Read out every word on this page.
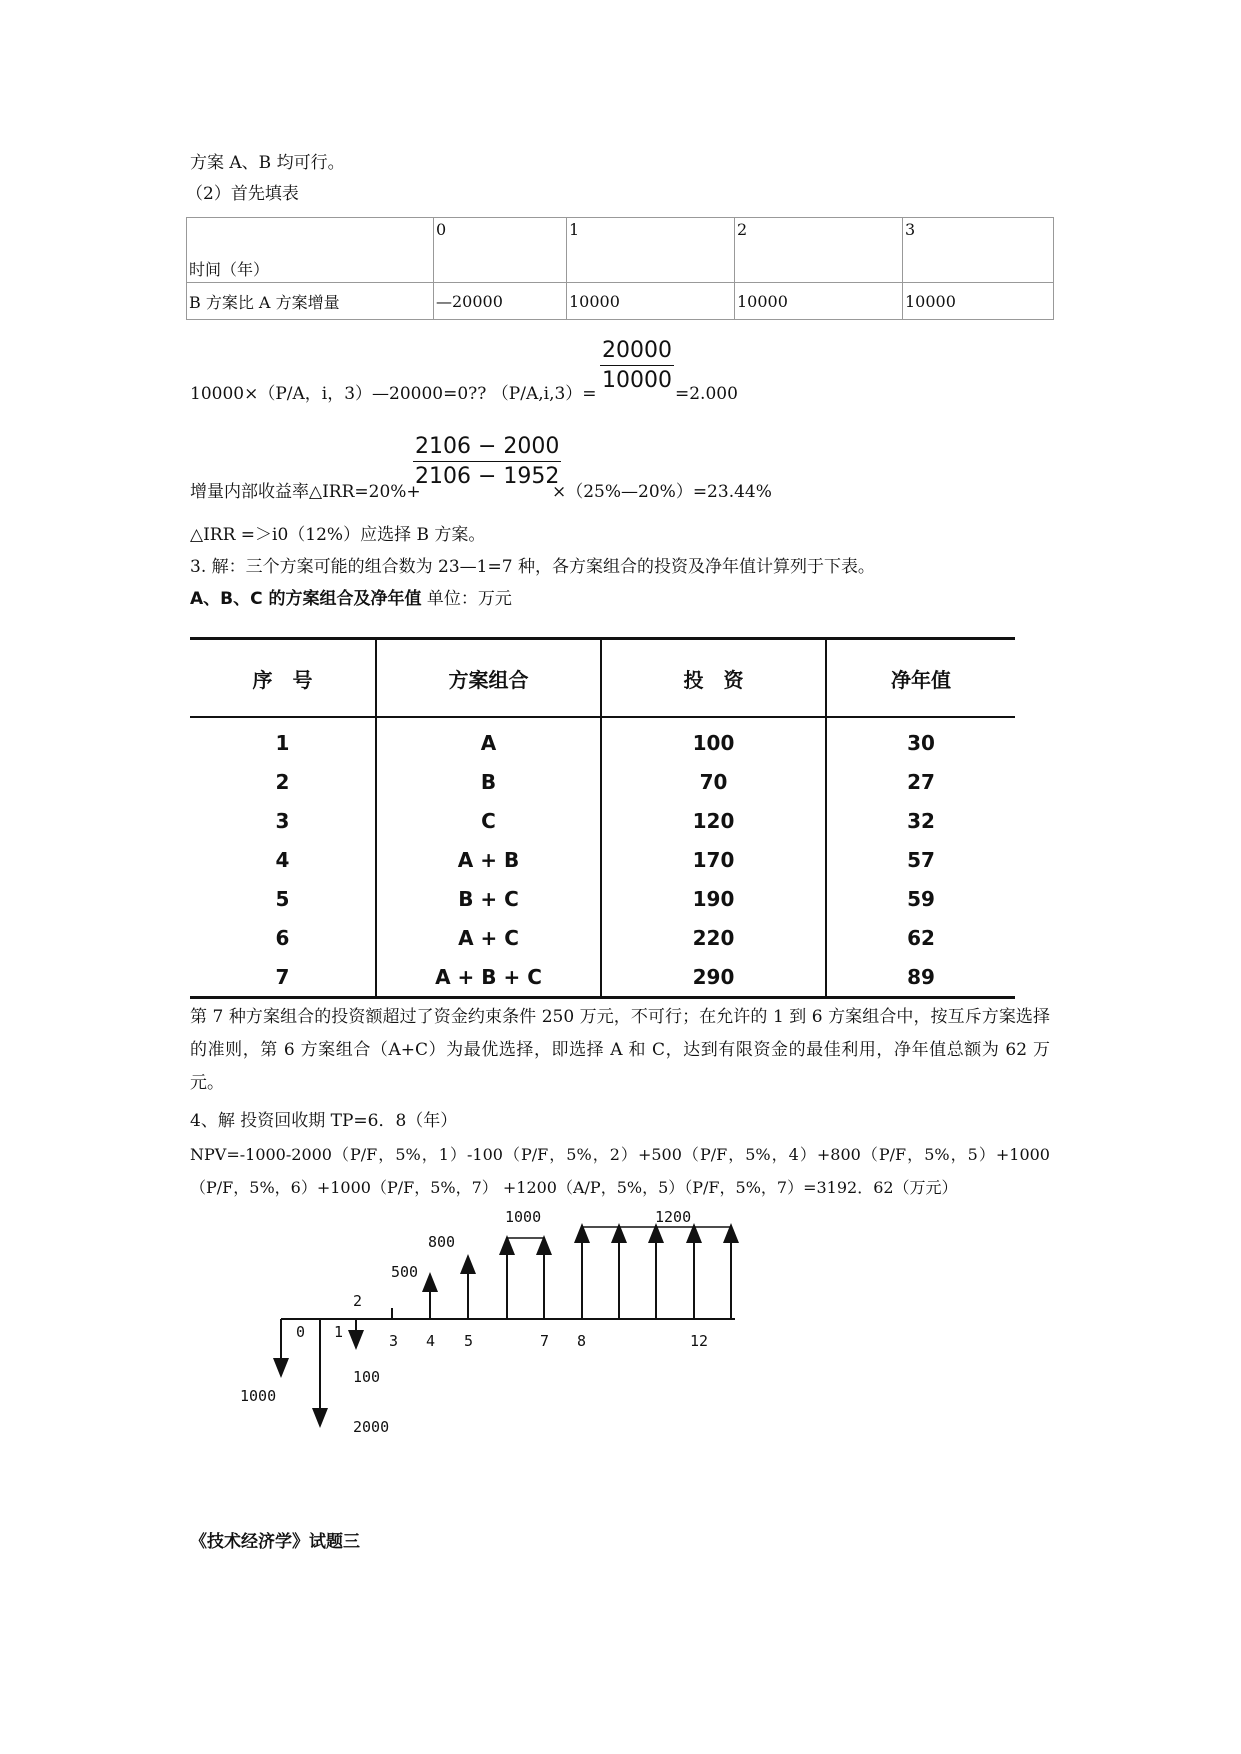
方案 A、B 均可行。
（2）首先填表
时间（年）	0	1	2	3
B 方案比 A 方案增量	—20000	10000	10000	10000
10000×（P/A，i，3）—20000=0?? （P/A,i,3）=
$\frac{20000}{10000}$
=2.000
增量内部收益率△IRR=20%+
$\frac{2106 - 2000}{2106 - 1952}$
×（25%—20%）=23.44%
△IRR =＞i0（12%）应选择 B 方案。
3. 解：三个方案可能的组合数为 23—1=7 种，各方案组合的投资及净年值计算列于下表。
A、B、C 的方案组合及净年值 单位：万元
序　号	方案组合	投　资	净年值
1	A	100	30
2	B	70	27
3	C	120	32
4	A + B	170	57
5	B + C	190	59
6	A + C	220	62
7	A + B + C	290	89
第 7 种方案组合的投资额超过了资金约束条件 250 万元，不可行；在允许的 1 到 6 方案组合中，按互斥方案选择的准则，第 6 方案组合（A+C）为最优选择，即选择 A 和 C，达到有限资金的最佳利用，净年值总额为 62 万元。
4、解 投资回收期 TP=6．8（年）
NPV=-1000-2000（P/F，5%，1）-100（P/F，5%，2）+500（P/F，5%，4）+800（P/F，5%，5）+1000（P/F，5%，6）+1000（P/F，5%，7） +1200（A/P，5%，5）（P/F，5%，7）=3192．62（万元）
1000	1200
800
500
2
0 1	3 4 5	7 8	12
100
1000
2000
《技术经济学》试题三
